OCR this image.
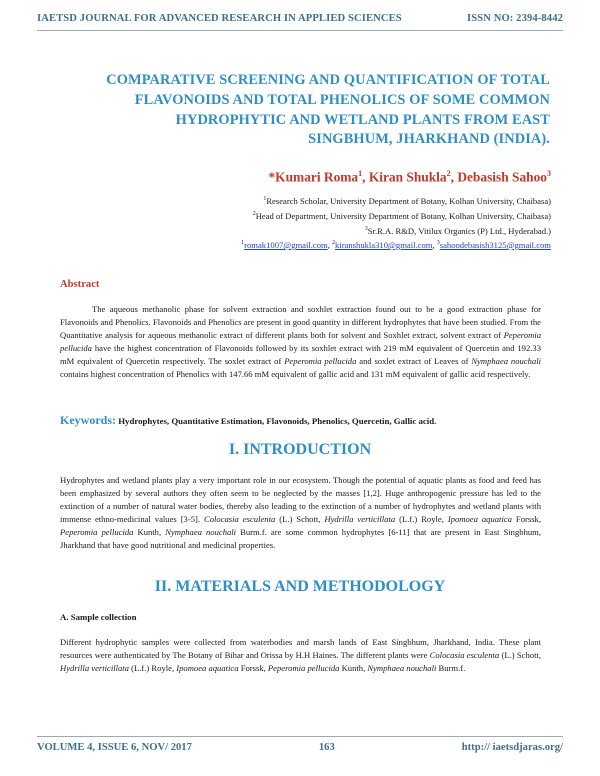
IAETSD JOURNAL FOR ADVANCED RESEARCH IN APPLIED SCIENCES	ISSN NO: 2394-8442
COMPARATIVE SCREENING AND QUANTIFICATION OF TOTAL
FLAVONOIDS AND TOTAL PHENOLICS OF SOME COMMON
HYDROPHYTIC AND WETLAND PLANTS FROM EAST
SINGBHUM, JHARKHAND (INDIA).
*Kumari Roma$^1$, Kiran Shukla$^2$, Debasish Sahoo$^3$
$^1$Research Scholar, University Department of Botany, Kolhan University, Chaibasa)
$^2$Head of Department, University Department of Botany, Kolhan University, Chaibasa)
$^3$Sr.R.A. R&D, Vitilux Organics (P) Ltd., Hyderabad.)
$^1$romak1007@gmail.com, $^2$kiranshukla310@gmail.com, $^3$sahoodebasish3125@gmail.com
Abstract

The aqueous methanolic phase for solvent extraction and soxhlet extraction found out to be a good extraction phase for Flavonoids and Phenolics. Flavonoids and Phenolics are present in good quantity in different hydrophytes that have been studied. From the Quantitative analysis for aqueous methanolic extract of different plants both for solvent and Soxhlet extract, solvent extract of Peperomia pellucida have the highest concentration of Flavonoids followed by its soxhlet extract with 219 mM equivalent of Quercetin and 192.33 mM equivalent of Quercetin respectively. The soxlet extract of Peperomia pellucida and soxlet extract of Leaves of Nymphaea nouchali contains highest concentration of Phenolics with 147.66 mM equivalent of gallic acid and 131 mM equivalent of gallic acid respectively.

Keywords: Hydrophytes, Quantitative Estimation, Flavonoids, Phenolics, Quercetin, Gallic acid.
I. INTRODUCTION

Hydrophytes and wetland plants play a very important role in our ecosystem. Though the potential of aquatic plants as food and feed has been emphasized by several authors they often seem to be neglected by the masses [1,2]. Huge anthropogenic pressure has led to the extinction of a number of natural water bodies, thereby also leading to the extinction of a number of hydrophytes and wetland plants with immense ethno-medicinal values [3-5]. Colocasia esculenta (L.) Schott, Hydrilla verticillata (L.f.) Royle, Ipomoea aquatica Forssk, Peperomia pellucida Kunth, Nymphaea nouchali Burm.f. are some common hydrophytes [6-11] that are present in East Singbhum, Jharkhand that have good nutritional and medicinal properties.

II. MATERIALS AND METHODOLOGY
A. Sample collection

Different hydrophytic samples were collected from waterbodies and marsh lands of East Singbhum, Jharkhand, India. These plant resources were authenticated by The Botany of Bihar and Orissa by H.H Haines. The different plants were Colocasia esculenta (L.) Schott, Hydrilla verticillata (L.f.) Royle, Ipomoea aquatica Forssk, Peperomia pellucida Kunth, Nymphaea nouchali Burm.f.

VOLUME 4, ISSUE 6, NOV/ 2017	163	http:// iaetsdjaras.org/
